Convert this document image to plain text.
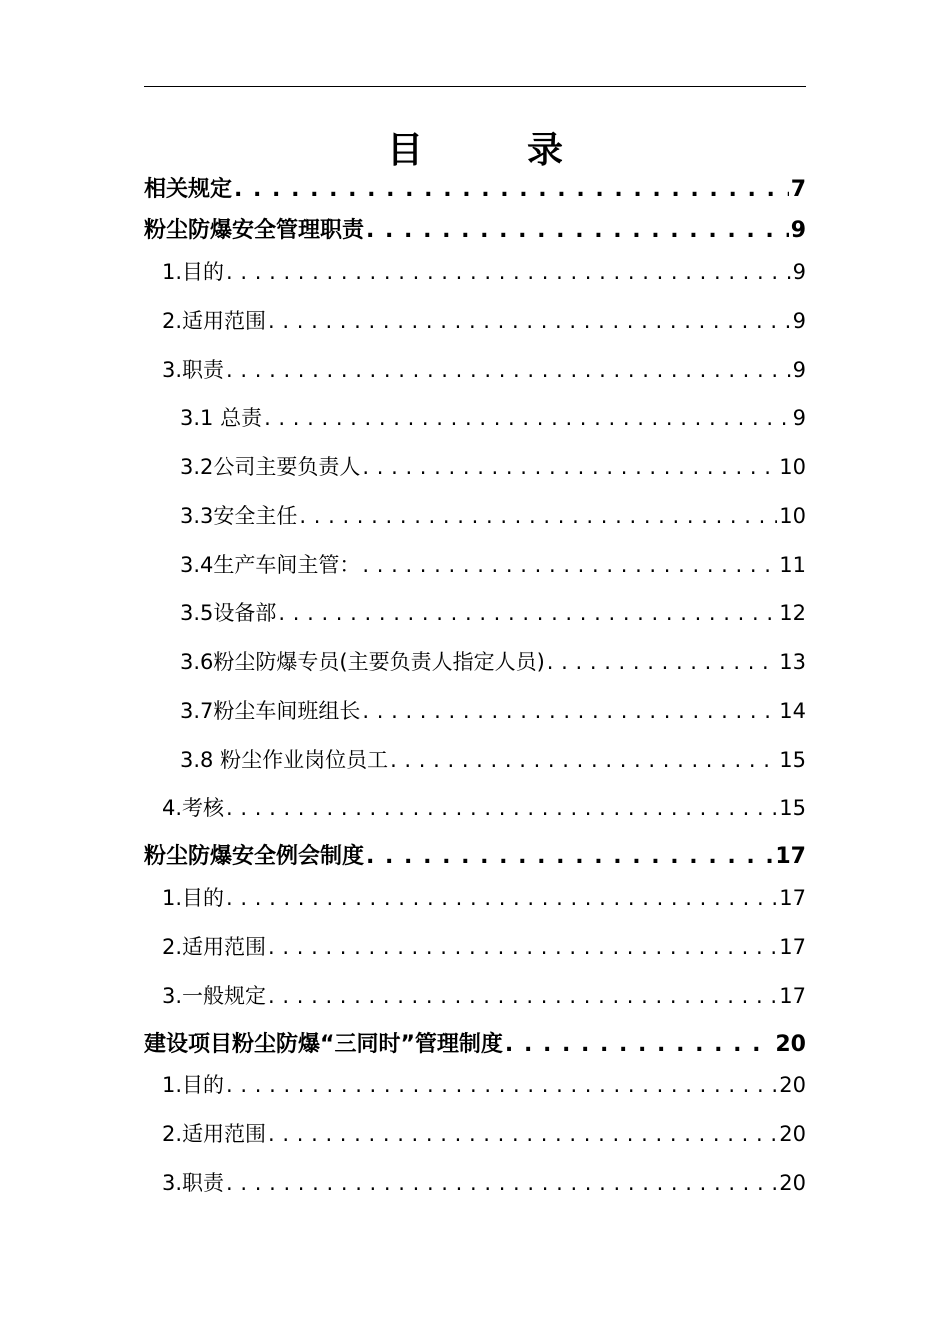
目　录
相关规定 . . .	7
粉尘防爆安全管理职责 . . .	9
1.目的 . . .	9
2.适用范围 . . .	9
3.职责 . . .	9
3.1 总责 . . .	9
3.2公司主要负责人 . . .	10
3.3安全主任 . . .	10
3.4生产车间主管： . . .	11
3.5设备部 . . .	12
3.6粉尘防爆专员(主要负责人指定人员) . . .	13
3.7粉尘车间班组长 . . .	14
3.8 粉尘作业岗位员工 . . .	15
4.考核 . . .	15
粉尘防爆安全例会制度 . . .	17
1.目的 . . .	17
2.适用范围 . . .	17
3.一般规定 . . .	17
建设项目粉尘防爆“三同时”管理制度 . . .	20
1.目的 . . .	20
2.适用范围 . . .	20
3.职责 . . .	20
